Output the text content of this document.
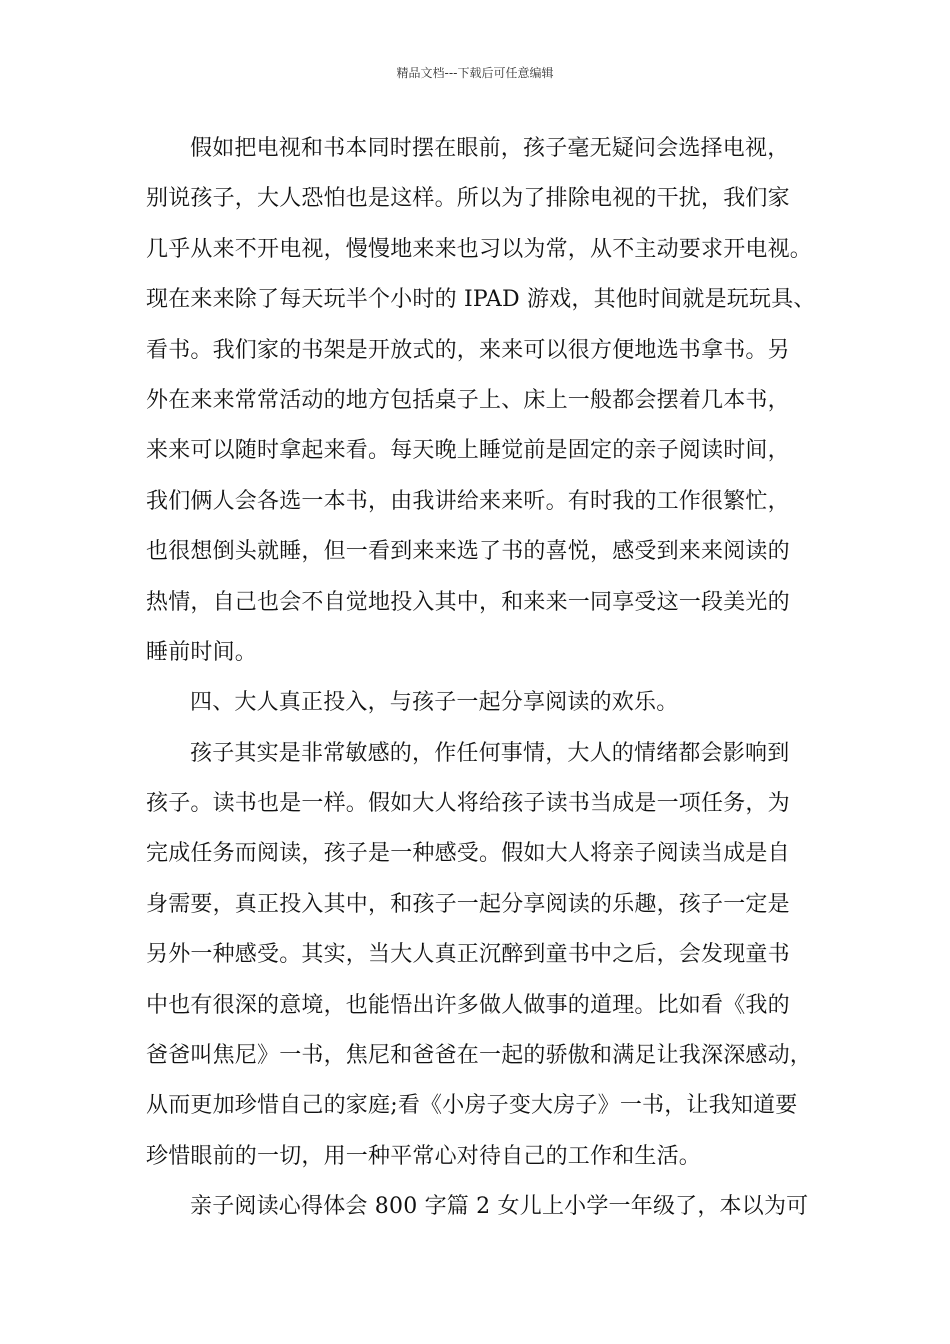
精品文档---下载后可任意编辑
假如把电视和书本同时摆在眼前，孩子毫无疑问会选择电视，
别说孩子，大人恐怕也是这样。所以为了排除电视的干扰，我们家
几乎从来不开电视，慢慢地来来也习以为常，从不主动要求开电视。
现在来来除了每天玩半个小时的 IPAD 游戏，其他时间就是玩玩具、
看书。我们家的书架是开放式的，来来可以很方便地选书拿书。另
外在来来常常活动的地方包括桌子上、床上一般都会摆着几本书，
来来可以随时拿起来看。每天晚上睡觉前是固定的亲子阅读时间，
我们俩人会各选一本书，由我讲给来来听。有时我的工作很繁忙，
也很想倒头就睡，但一看到来来选了书的喜悦，感受到来来阅读的
热情，自己也会不自觉地投入其中，和来来一同享受这一段美光的
睡前时间。
四、大人真正投入，与孩子一起分享阅读的欢乐。
孩子其实是非常敏感的，作任何事情，大人的情绪都会影响到
孩子。读书也是一样。假如大人将给孩子读书当成是一项任务，为
完成任务而阅读，孩子是一种感受。假如大人将亲子阅读当成是自
身需要，真正投入其中，和孩子一起分享阅读的乐趣，孩子一定是
另外一种感受。其实，当大人真正沉醉到童书中之后，会发现童书
中也有很深的意境，也能悟出许多做人做事的道理。比如看《我的
爸爸叫焦尼》一书，焦尼和爸爸在一起的骄傲和满足让我深深感动，
从而更加珍惜自己的家庭;看《小房子变大房子》一书，让我知道要
珍惜眼前的一切，用一种平常心对待自己的工作和生活。
亲子阅读心得体会 800 字篇 2 女儿上小学一年级了，本以为可
